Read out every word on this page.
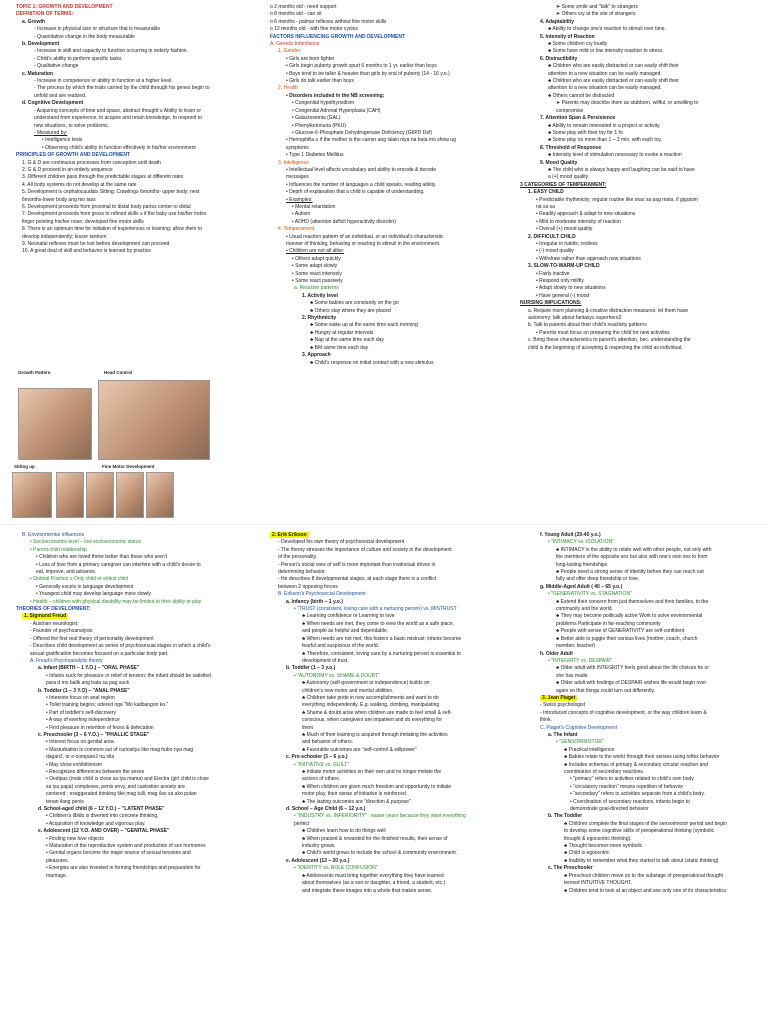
TOPIC 1: GROWTH AND DEVELOPMENT
DEFINITION OF TERMS:
a. Growth
- Increase in physical size or structure that is measurable
- Quantitative change in the body measurable
b. Development
- Increase in skill and capacity to function occurring in orderly fashion.
- Child's ability to perform specific tasks.
- Qualitative change
c. Maturation
- Increase in competence or ability to function at a higher level.
- The process by which the traits carried by the child through his genes begin to
unfold and are realized.
d. Cognitive Development
- Acquiring concepts of time and space, abstract thought ≥ Ability to learn or
understand from experience, to acquire and retain knowledge, to respond to
new situations, to solve problems.
- Measured by:
• Intelligence tests
• Observing child's ability to function effectively in his/her environment
PRINCIPLES OF GROWTH AND DEVELOPMENT
1. G & D are continuous processes from conception until death
2. G & D proceed in an orderly sequence
3. Different children pass through the predictable stages at different rates
4. All body systems do not develop at the same rate
5. Development is cephalocaudal≥ Sitting; Crawling≥ 6months- upper body; next
6months-lower body ang mo tass
6. Development proceeds from proximal to distal body parts≥ center to distal
7. Development proceeds from gross to refined skills ≥ if the baby use his/her index
finger pointing his/her nose; developed fine motor skills
8. There is an optimum time for initiation of experiences or learning; allow them to
develop independently; lesser tantrum
9. Neonatal reflexes must be lost before development can proceed
10. A great deal of skill and behavior is learned by practice
Growth Pattern	Head Control
Sitting up	Fine Motor Development
o 2 months old - need support
o 8 months old - can sit
o 6 months - palmar reflexes without fine motor skills
o 12 months old - with fine motor cycles
FACTORS INFLUENCING GROWTH AND DEVELOPMENT
A. Genetic Inheritance
1. Gender
• Girls are born lighter
• Girls begin puberty growth spurt 6 months to 1 yr. earlier than boys
• Boys tend to be taller & heavier than girls by end of puberty (14 - 16 y.o.)
• Girls do talk earlier than boys
2. Health
• Disorders included in the NB screening:
• Congenital hypothyroidism
• Congenital Adrenal Hyperplasia (CAH)
• Galactosemia (GAL)
• Phenylketonuria (PKU)
• Glucose-6-Phosphate Dehydrogenase Deficiency (G6PD Def)
• Hemophilia ≥ if the mother is the carrier ang lalaki niya na bata mo show ug
symptoms
• Type 1 Diabetes Mellitus
3. Intelligence
• Intellectual level affects vocabulary and ability to encode & decode
messages
• Influences the number of languages a child speaks, reading ability.
• Depth of explanation that a child is capable of understanding.
• Examples:
• Mental retardation
• Autism
• ADHD (attention deficit hyperactivity disorder)
4. Temperament
• Usual reaction pattern of an individual, or an individual's characteristic
manner of thinking, behaving or reacting to stimuli in the environment.
• Children are not all alike:
• Others adapt quickly
• Some adapt slowly
• Some react intensely
• Some react passively
a. Reaction patterns
1. Activity level
♣ Some babies are constantly on the go
♣ Others stay where they are placed
2. Rhythmicity
♣ Some wake up at the same time each morning
♣ Hungry at regular intervals
♣ Nap at the same time each day
♣ BM same time each day
3. Approach
♣ Child's response on initial contact with a new stimulus
➤ Some smile and "talk" to strangers
➤ Others cry at the site of strangers
4. Adaptability
♣ Ability to change one's reaction to stimuli over time.
5. Intensity of Reaction
♣ Some children cry loudly
♣ Some have mild or low intensity reaction to stress.
6. Distractibility
♣ Children who are easily distracted or can easily shift their
attention to a new situation can be easily managed.
♣ Children who are easily distracted or can easily shift their
attention to a new situation can be easily managed.
♣ Others cannot be distracted
➤ Parents may describe them as stubborn, willful, or unwilling to
compromise
7. Attention Span & Persistence
♣ Ability to remain interested in a project or activity.
♣ Some play with their toy for 1 hr.
♣ Some play no more than 1 – 2 min. with each toy.
8. Threshold of Response
♣ Intensity level of stimulation necessary to evoke a reaction
9. Mood Quality
♣ The child who is always happy and laughing can be said to have
a (+) mood quality
3 CATEGORIES OF TEMPERAMENT:
1. EASY CHILD
• Predictable rhythmicity; regular routine like oras sa pag mata, if gigutom
na sa sa
• Readily approach & adapt to new situations
• Mild to moderate intensity of reaction
• Overall (+) mood quality
2. DIFFICULT CHILD
• Irregular in habits; restless
• (-) mood quality
• Withdraw rather than approach new situations
3. SLOW-TO-WARM-UP CHILD
• Fairly inactive
• Respond only mildly
• Adapt slowly to new situations
• Have general (-) mood
NURSING IMPLICATIONS:
a. Require more planning & creative distraction measures; let them have
autonomy; talk about fantasy≥ superhero2
b. Talk to parents about their child's reactivity patterns
• Parents must focus on preparing the child for new activities
c. Bring these characteristics to parent's attention, bec. understanding the
child is the beginning of accepting & respecting the child as individual.
B. Environmental Influences
• Socioeconomic level – low socioeconomic status
• Parent-child relationship
• Children who are loved thrive better than those who aren't
• Loss of love from a primary caregiver can interfere with a child's desire to
eat, improve, and advance.
• Ordinal Position ≥ Only child or eldest child
• Generally excels in language development
• Youngest child may develop language more slowly
• Health – children with physical disability may be limited in their ability to play
THEORIES OF DEVELOPMENT:
1. Sigmund Freud
- Austrian neurologist;
- Founder of psychoanalysis
- Offered the first real theory of personality development
- Describes child development as series of psychosexual stages in which a child's
sexual gratification becomes focused on a particular body part.
A. Freud's Psychoanalytic theory
a. Infant (BIRTH – 1 Y.O.) – "ORAL PHASE"
• Infants suck for pleasure or relief of tension; the infant should be satisfied
para d mo balik ang bata sa pag suck
b. Toddler (1 – 3 Y.O) – "ANAL PHASE"
• Interests focus on anal region
• Toilet training begins; uttered nga "Mo kalibangon ko."
• Part of toddler's self-discovery
• A way of exerting independence
• Find pleasure in retention of feces & defecation
c. Preschooler (3 – 6 Y.O.) – "PHALLIC STAGE"
• Interest focus on genital area.
• Masturbation is common out of curiosity≥ like mag hubo nya mag
dagan2, or e-compare2 na nila
• May show exhibitionism
• Recognizes differences between the sexes
• Oedipus (male child is close sa iya mama) and Electra (girl child is close
sa iya papa) complexes, penis envy, and castration anxiety are
centered ; exaggerated thinking like mag tulli, mag ilao sa ako putan
tenan ilang penis
d. School-aged child (6 – 12 Y.O.) – "LATENT PHASE"
• Children's libido is diverted into concrete thinking.
• Acquisition of knowledge and vigorous play.
e. Adolescent (12 Y.O. AND OVER) – "GENITAL PHASE"
• Finding new love objects
• Maturation of the reproductive system and production of sex hormones
• Genital organs become the major source of sexual tensions and
pleasures.
• Energies are also invested in forming friendships and preparation for
marriage.
2. Erik Erikson
- Developed his own theory of psychosocial development
- The theory stresses the importance of culture and society in the development
of the personality.
- Person's social view of self is more important than instinctual drives in
determining behavior.
- He describes 8 developmental stages, at each stage there is a conflict
between 2 opposing forces
B. Erikson's Psychosocial Development
a. Infancy (birth – 1 y.o.)
• "TRUST (consistent, loving care with a nurturing person) vs. MISTRUST
♣ Learning confidence or Learning to love
♣ When needs are met, they come to view the world as a safe place,
and people as helpful and dependable.
♣ When needs are not met, this fosters a basic mistrust; infants become
fearful and suspicious of the world.
♣ Therefore, consistent, loving care by a nurturing person is essential to
development of trust.
b. Toddler (1 – 3 y.o.)
• "AUTONOMY vs. SHAME & DOUBT"
♣ Autonomy (self-government or independence) builds on
children's new motor and mental abilities.
♣ Children take pride in new accomplishments and want to do
everything independently. E.g. walking, climbing, manipulating
♣ Shame & doubt arise when children are made to feel small & self-
conscious, when caregivers are impatient and do everything for
them.
♣ Much of their learning is acquired through imitating the activities
and behavior of others.
♣ Favorable outcomes are "self-control & willpower"
c. Pre-schooler (3 – 6 y.o.)
• "INITIATIVE vs. GUILT"
♣ Initiate motor activities on their own and no longer imitate the
actions of others.
♣ When children are given much freedom and opportunity to initiate
motor play, their sense of initiative is reinforced.
♣ The lasting outcomes are "direction & purpose"
d. School – Age Child (6 – 12 y.o.)
• "INDUSTRY vs. INFERIORITY" ; easier years because they want everything
perfect
♣ Children learn how to do things well
♣ When praised & rewarded for the finished results, their sense of
industry grows.
♣ Child's world grows to include the school & community environment.
e. Adolescent (13 – 20 y.o.)
• "IDENTITY vs. ROLE CONFUSION"
♣ Adolescents must bring together everything they have learned
about themselves (as a son or daughter, a friend, a student, etc.)
and integrate these images into a whole that makes sense.
f. Young Adult (20-40 y.o.)
• "INTIMACY vs. ISOLATION"
♣ INTIMACY is the ability to relate well with other people, not only with
the members of the opposite sex but also with one's own sex to form
long-lasting friendships.
♣ People need a strong sense of identity before they can reach out
fully and offer deep friendship or love.
g. Middle-Aged Adult ( 40 – 65 y.o.)
• "GENERATIVITY vs. STAGNATION"
♣ Extend their concern from just themselves and their families, to the
community and the world.
♣ They may become politically active Work to solve environmental
problems Participate in far-reaching community
♣ People with sense of GENERATIVITY are self-confident
♣ Better able to juggle their various lives (mother, coach, church
member, teacher)
h. Older Adult
• "INTEGRITY vs. DESPAIR"
♣ Older adult with INTEGRITY feels good about the life choices he or
she has made.
♣ Older adult with feelings of DESPAIR wishes life would begin over
again so that things could turn out differently.
3. Jean Piaget
- Swiss psychologist
- Introduced concepts of cognitive development, or the way children learn &
think.
C. Piaget's Cognitive Development
a. The Infant
• "SENSORIMOTOR"
♣ Practical intelligence
♣ Babies relate to the world through their senses using reflex behavior
♣ Includes schemas of primary & secondary circular reaction and
coordination of secondary reactions.
• "primary" refers to activities related to child's own body
• "circulatory reaction" means repetition of behavior
• "secondary" refers to activities separate from a child's body.
• Coordination of secondary reactions, infants begin to
demonstrate goal-directed behavior
b. The Toddler
♣ Children complete the final stages of the sensorimotor period and begin
to develop some cognitive skills of preoperational thinking (symbolic
thought & egocentric thinking).
♣ Thought becomes more symbolic
♣ Child is egocentric
♣ Inability to remember what they started to talk about (static thinking)
c. The Preschooler
♣ Preschool children move on to the substage of preoperational thought
termed INTUITIVE THOUGHT.
♣ Children tend to look at an object and see only one of its characteristics
